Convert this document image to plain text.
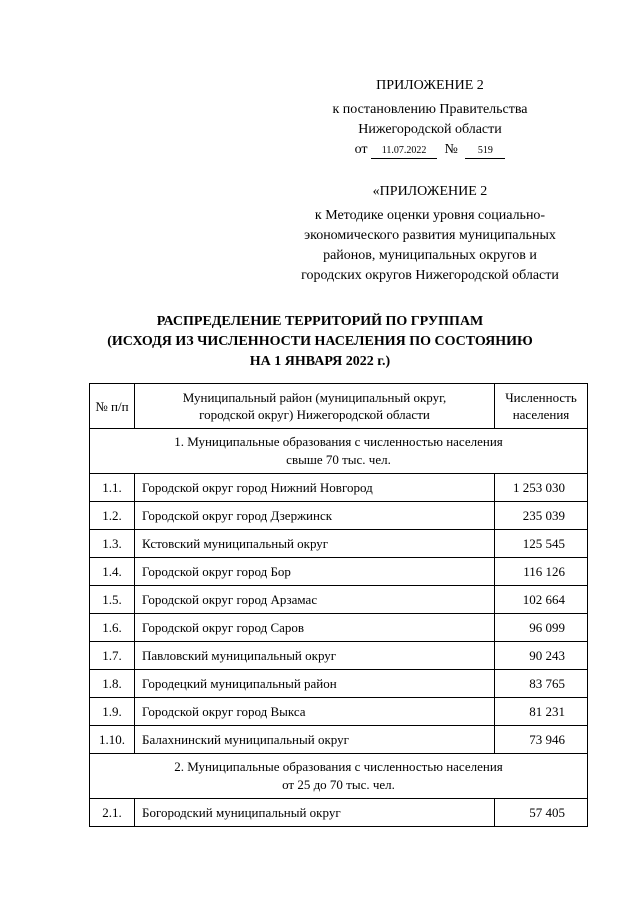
ПРИЛОЖЕНИЕ 2
к постановлению Правительства
Нижегородской области
от 11.07.2022 № 519
«ПРИЛОЖЕНИЕ 2
к Методике оценки уровня социально-
экономического развития муниципальных
районов, муниципальных округов и
городских округов Нижегородской области
РАСПРЕДЕЛЕНИЕ ТЕРРИТОРИЙ ПО ГРУППАМ
(ИСХОДЯ ИЗ ЧИСЛЕННОСТИ НАСЕЛЕНИЯ ПО СОСТОЯНИЮ
НА 1 ЯНВАРЯ 2022 г.)
№ п/п	Муниципальный район (муниципальный округ,
городской округ) Нижегородской области	Численность
населения

1. Муниципальные образования с численностью населения
свыше 70 тыс. чел.		

1.1.	Городской округ город Нижний Новгород	1 253 030
1.2.	Городской округ город Дзержинск	235 039
1.3.	Кстовский муниципальный округ	125 545
1.4.	Городской округ город Бор	116 126
1.5.	Городской округ город Арзамас	102 664
1.6.	Городской округ город Саров	96 099
1.7.	Павловский муниципальный округ	90 243
1.8.	Городецкий муниципальный район	83 765
1.9.	Городской округ город Выкса	81 231
1.10.	Балахнинский муниципальный округ	73 946

2. Муниципальные образования с численностью населения
от 25 до 70 тыс. чел.		

2.1.	Богородский муниципальный округ	57 405
